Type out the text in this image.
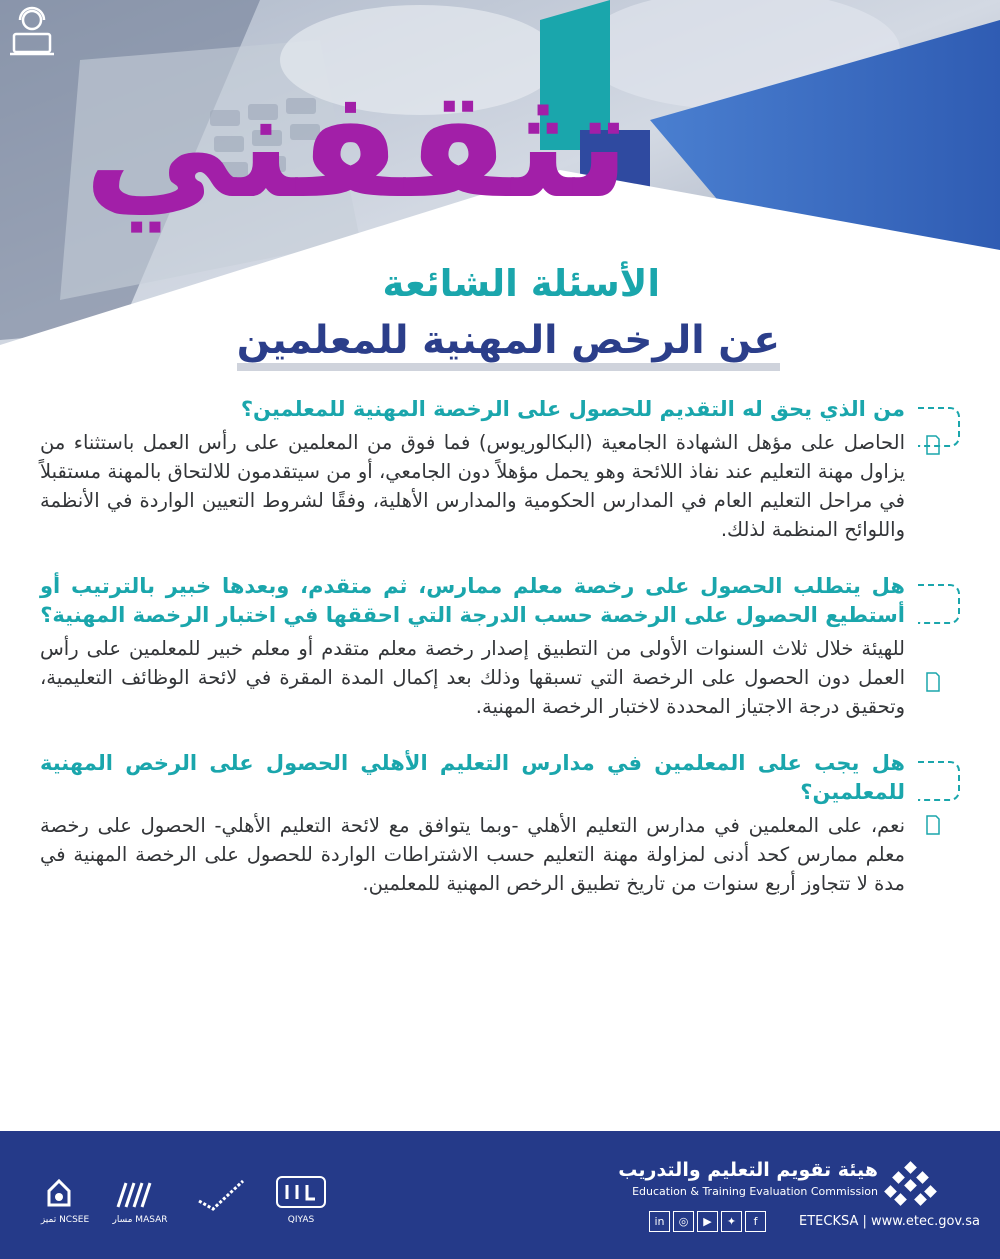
تثقفني
الأسئلة الشائعة
عن الرخص المهنية للمعلمين

من الذي يحق له التقديم للحصول على الرخصة المهنية للمعلمين؟

الحاصل على مؤهل الشهادة الجامعية (البكالوريوس) فما فوق من المعلمين على رأس العمل باستثناء من يزاول مهنة التعليم عند نفاذ اللائحة وهو يحمل مؤهلاً دون الجامعي، أو من سيتقدمون للالتحاق بالمهنة مستقبلاً في مراحل التعليم العام في المدارس الحكومية والمدارس الأهلية، وفقًا لشروط التعيين الواردة في الأنظمة واللوائح المنظمة لذلك.

هل يتطلب الحصول على رخصة معلم ممارس، ثم متقدم، وبعدها خبير بالترتيب أو أستطيع الحصول على الرخصة حسب الدرجة التي احققها في اختبار الرخصة المهنية؟

للهيئة خلال ثلاث السنوات الأولى من التطبيق إصدار رخصة معلم متقدم أو معلم خبير للمعلمين على رأس العمل دون الحصول على الرخصة التي تسبقها وذلك بعد إكمال المدة المقرة في لائحة الوظائف التعليمية، وتحقيق درجة الاجتياز المحددة لاختبار الرخصة المهنية.

هل يجب على المعلمين في مدارس التعليم الأهلي الحصول على الرخص المهنية للمعلمين؟

نعم، على المعلمين في مدارس التعليم الأهلي -وبما يتوافق مع لائحة التعليم الأهلي- الحصول على رخصة معلم ممارس كحد أدنى لمزاولة مهنة التعليم حسب الاشتراطات الواردة للحصول على الرخصة المهنية في مدة لا تتجاوز أربع سنوات من تاريخ تطبيق الرخص المهنية للمعلمين.

هيئة تقويم التعليم والتدريب
Education & Training Evaluation Commission
in	◎	▶	✦	f	ETECKSA | www.etec.gov.sa
QIYAS
مسار MASAR
تميز NCSEE
